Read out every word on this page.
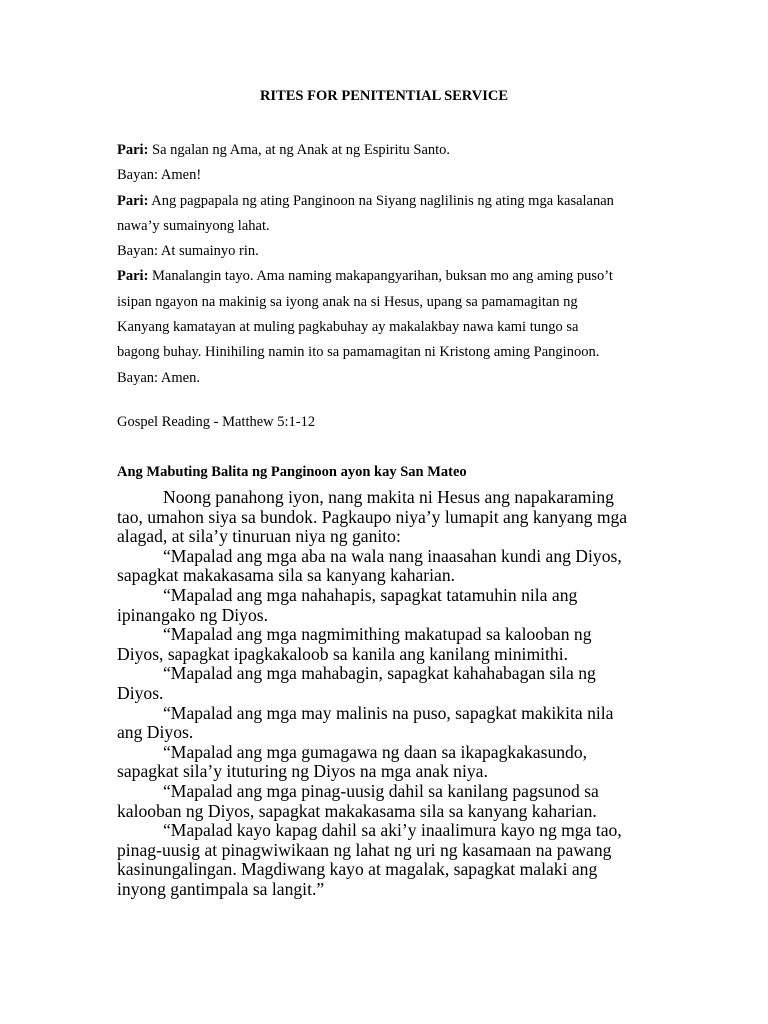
RITES FOR PENITENTIAL SERVICE

Pari: Sa ngalan ng Ama, at ng Anak at ng Espiritu Santo.

Bayan: Amen!

Pari: Ang pagpapala ng ating Panginoon na Siyang naglilinis ng ating mga kasalanan

nawa’y sumainyong lahat.

Bayan: At sumainyo rin.

Pari: Manalangin tayo. Ama naming makapangyarihan, buksan mo ang aming puso’t

isipan ngayon na makinig sa iyong anak na si Hesus, upang sa pamamagitan ng

Kanyang kamatayan at muling pagkabuhay ay makalakbay nawa kami tungo sa

bagong buhay. Hinihiling namin ito sa pamamagitan ni Kristong aming Panginoon.

Bayan: Amen.

Gospel Reading - Matthew 5:1-12
Ang Mabuting Balita ng Panginoon ayon kay San Mateo

Noong panahong iyon, nang makita ni Hesus ang napakaraming
tao, umahon siya sa bundok. Pagkaupo niya’y lumapit ang kanyang mga
alagad, at sila’y tinuruan niya ng ganito:

“Mapalad ang mga aba na wala nang inaasahan kundi ang Diyos,
sapagkat makakasama sila sa kanyang kaharian.

“Mapalad ang mga nahahapis, sapagkat tatamuhin nila ang
ipinangako ng Diyos.

“Mapalad ang mga nagmimithing makatupad sa kalooban ng
Diyos, sapagkat ipagkakaloob sa kanila ang kanilang minimithi.

“Mapalad ang mga mahabagin, sapagkat kahahabagan sila ng
Diyos.

“Mapalad ang mga may malinis na puso, sapagkat makikita nila
ang Diyos.

“Mapalad ang mga gumagawa ng daan sa ikapagkakasundo,
sapagkat sila’y ituturing ng Diyos na mga anak niya.

“Mapalad ang mga pinag-uusig dahil sa kanilang pagsunod sa
kalooban ng Diyos, sapagkat makakasama sila sa kanyang kaharian.

“Mapalad kayo kapag dahil sa aki’y inaalimura kayo ng mga tao,
pinag-uusig at pinagwiwikaan ng lahat ng uri ng kasamaan na pawang
kasinungalingan. Magdiwang kayo at magalak, sapagkat malaki ang
inyong gantimpala sa langit.”
